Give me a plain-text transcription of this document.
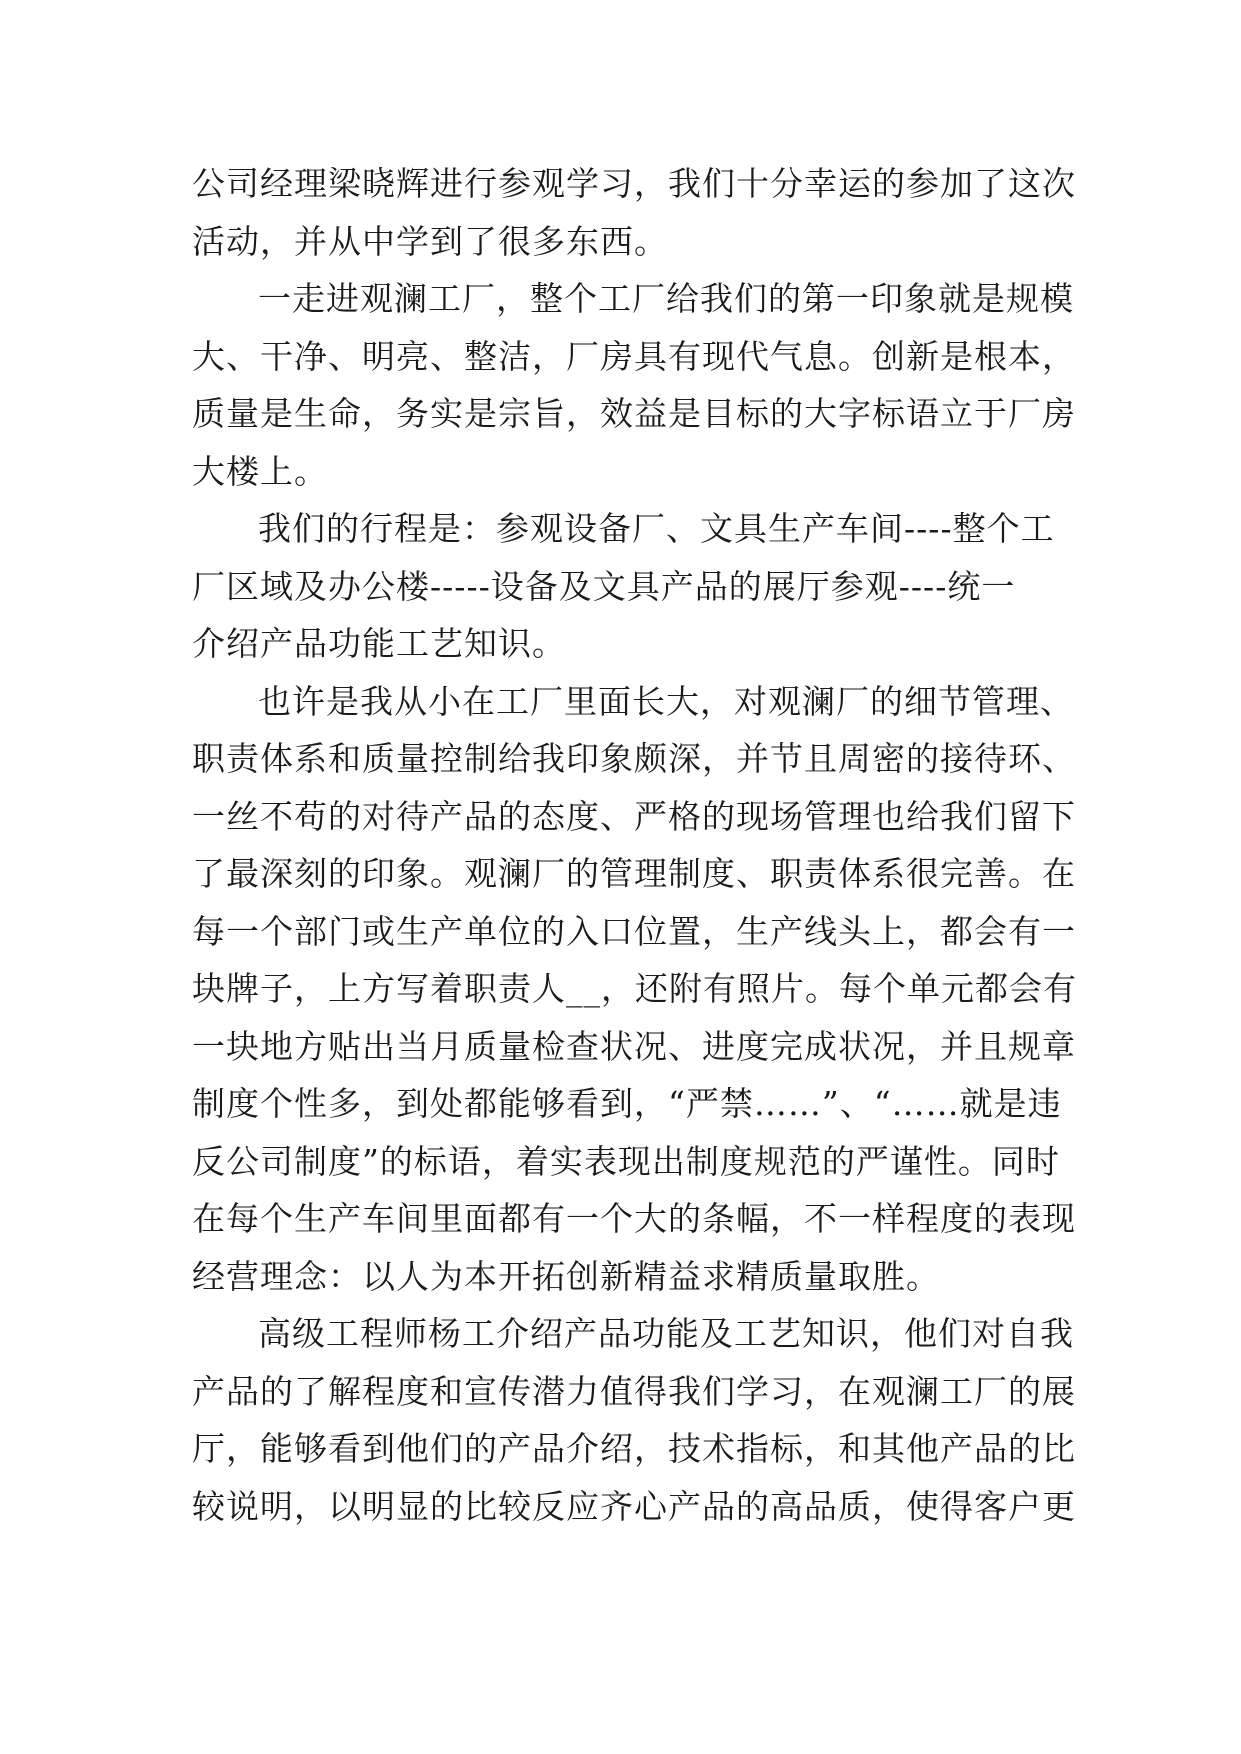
公司经理梁晓辉进行参观学习，我们十分幸运的参加了这次
活动，并从中学到了很多东西。
一走进观澜工厂，整个工厂给我们的第一印象就是规模
大、干净、明亮、整洁，厂房具有现代气息。创新是根本，
质量是生命，务实是宗旨，效益是目标的大字标语立于厂房
大楼上。
我们的行程是：参观设备厂、文具生产车间----整个工
厂区域及办公楼-----设备及文具产品的展厅参观----统一
介绍产品功能工艺知识。
也许是我从小在工厂里面长大，对观澜厂的细节管理、
职责体系和质量控制给我印象颇深，并节且周密的接待环、
一丝不苟的对待产品的态度、严格的现场管理也给我们留下
了最深刻的印象。观澜厂的管理制度、职责体系很完善。在
每一个部门或生产单位的入口位置，生产线头上，都会有一
块牌子，上方写着职责人__，还附有照片。每个单元都会有
一块地方贴出当月质量检查状况、进度完成状况，并且规章
制度个性多，到处都能够看到，“严禁……”、“……就是违
反公司制度”的标语，着实表现出制度规范的严谨性。同时
在每个生产车间里面都有一个大的条幅，不一样程度的表现
经营理念：以人为本开拓创新精益求精质量取胜。
高级工程师杨工介绍产品功能及工艺知识，他们对自我
产品的了解程度和宣传潜力值得我们学习，在观澜工厂的展
厅，能够看到他们的产品介绍，技术指标，和其他产品的比
较说明，以明显的比较反应齐心产品的高品质，使得客户更
